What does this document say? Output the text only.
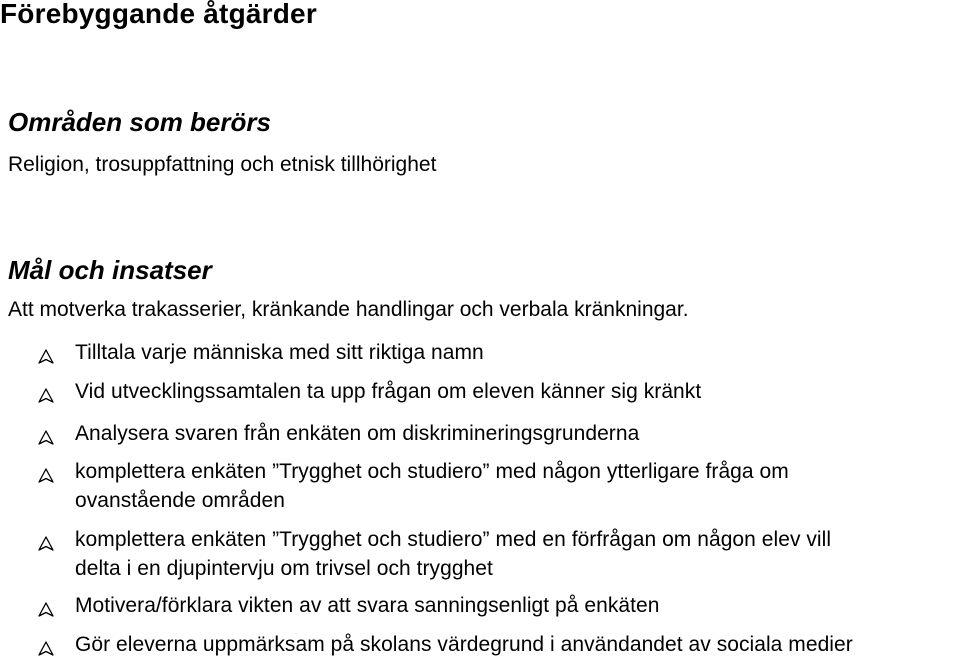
Förebyggande åtgärder
Områden som berörs

Religion, trosuppfattning och etnisk tillhörighet

Mål och insatser

Att motverka trakasserier, kränkande handlingar och verbala kränkningar.

Tilltala varje människa med sitt riktiga namn
Vid utvecklingssamtalen ta upp frågan om eleven känner sig kränkt
Analysera svaren från enkäten om diskrimineringsgrunderna
komplettera enkäten ”Trygghet och studiero” med någon ytterligare fråga om
ovanstående områden
komplettera enkäten ”Trygghet och studiero” med en förfrågan om någon elev vill
delta i en djupintervju om trivsel och trygghet
Motivera/förklara vikten av att svara sanningsenligt på enkäten
Gör eleverna uppmärksam på skolans värdegrund i användandet av sociala medier
